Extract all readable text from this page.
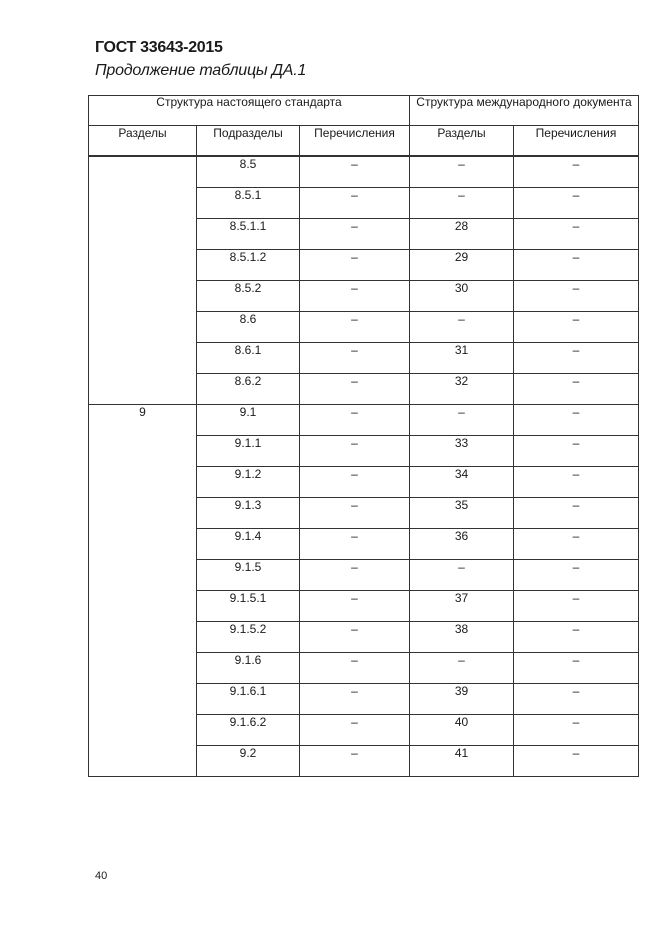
ГОСТ 33643-2015
Продолжение таблицы ДА.1
Структура настоящего стандарта			Структура международного документа	
Разделы	Подразделы	Перечисления	Разделы	Перечисления
	8.5	–	–	–
	8.5.1	–	–	–
	8.5.1.1	–	28	–
	8.5.1.2	–	29	–
	8.5.2	–	30	–
	8.6	–	–	–
	8.6.1	–	31	–
	8.6.2	–	32	–
9	9.1	–	–	–
	9.1.1	–	33	–
	9.1.2	–	34	–
	9.1.3	–	35	–
	9.1.4	–	36	–
	9.1.5	–	–	–
	9.1.5.1	–	37	–
	9.1.5.2	–	38	–
	9.1.6	–	–	–
	9.1.6.1	–	39	–
	9.1.6.2	–	40	–
	9.2	–	41	–
40
